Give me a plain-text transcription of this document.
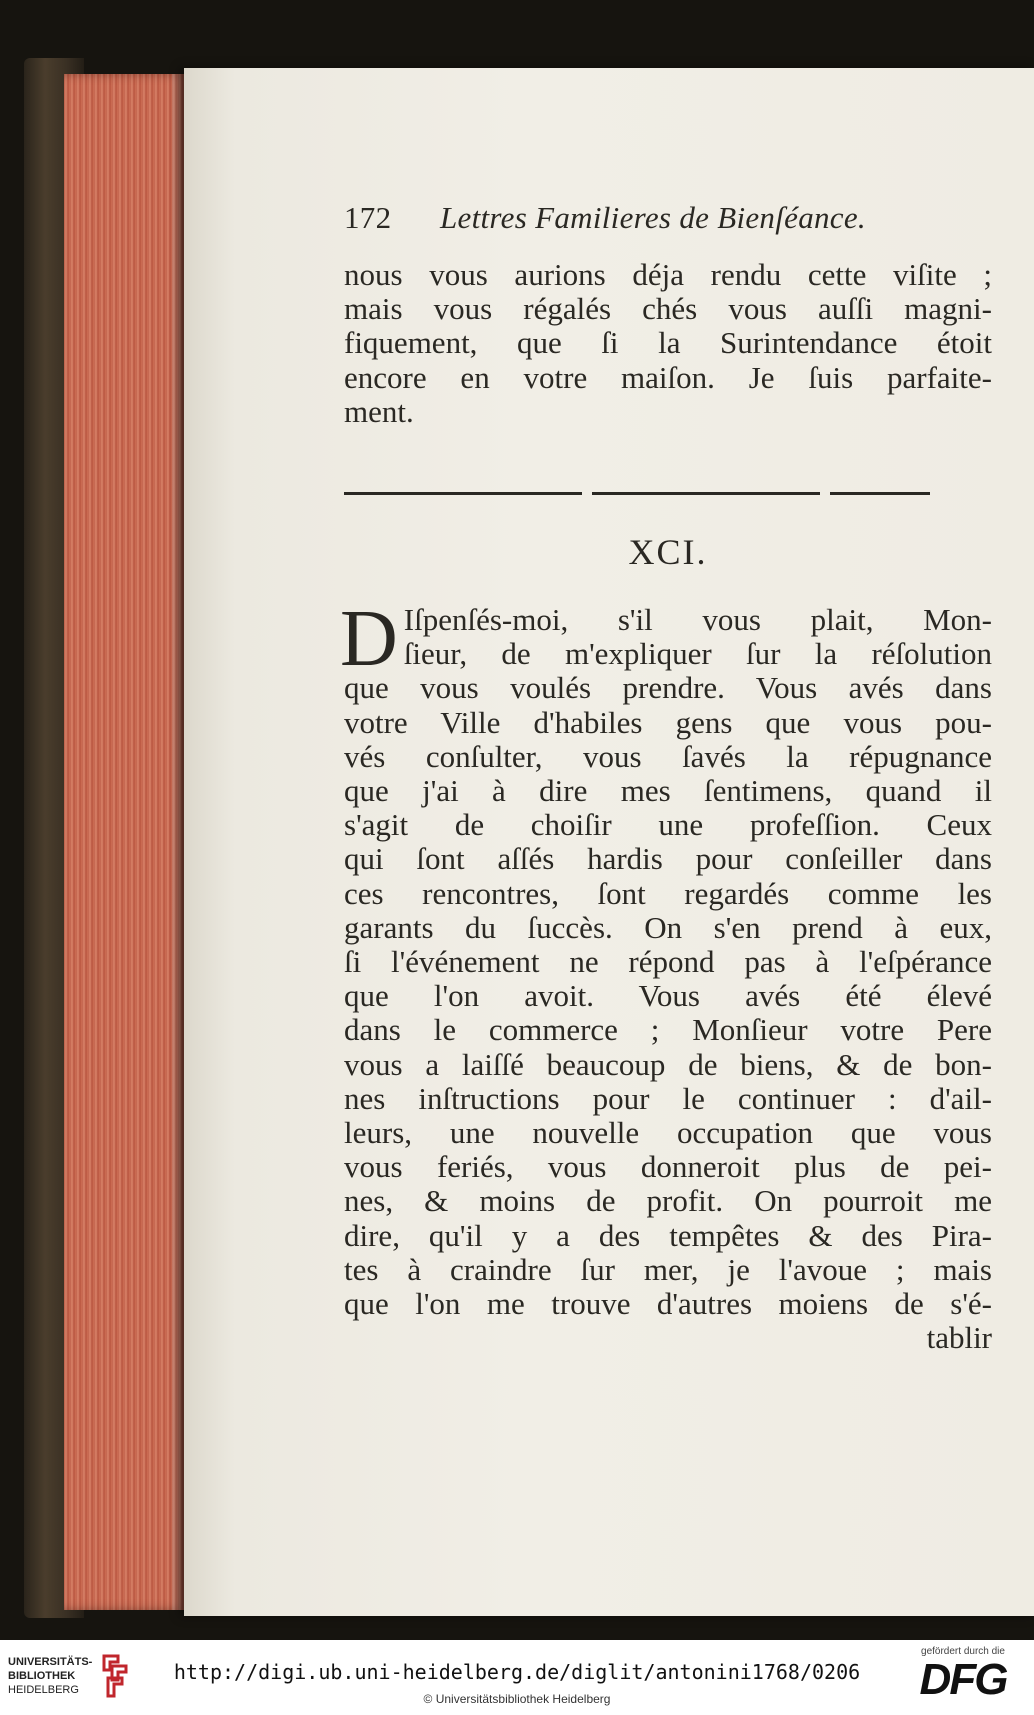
172 Lettres Familieres de Bienſéance.
nous vous aurions déja rendu cette viſite ;
mais vous régalés chés vous auſſi magni-
fiquement, que ſi la Surintendance étoit
encore en votre maiſon. Je ſuis parfaite-
ment.
XCI.
D Iſpenſés-moi, s'il vous plait, Mon-
ſieur, de m'expliquer ſur la réſolution
que vous voulés prendre. Vous avés dans
votre Ville d'habiles gens que vous pou-
vés conſulter, vous ſavés la répugnance
que j'ai à dire mes ſentimens, quand il
s'agit de choiſir une profeſſion. Ceux
qui ſont aſſés hardis pour conſeiller dans
ces rencontres, ſont regardés comme les
garants du ſuccès. On s'en prend à eux,
ſi l'événement ne répond pas à l'eſpérance
que l'on avoit. Vous avés été élevé
dans le commerce ; Monſieur votre Pere
vous a laiſſé beaucoup de biens, & de bon-
nes inſtructions pour le continuer : d'ail-
leurs, une nouvelle occupation que vous
vous feriés, vous donneroit plus de pei-
nes, & moins de profit. On pourroit me
dire, qu'il y a des tempêtes & des Pira-
tes à craindre ſur mer, je l'avoue ; mais
que l'on me trouve d'autres moiens de s'é-
tablir
UNIVERSITÄTS-
BIBLIOTHEK
HEIDELBERG
http://digi.ub.uni-heidelberg.de/diglit/antonini1768/0206
© Universitätsbibliothek Heidelberg
gefördert durch die
DFG
